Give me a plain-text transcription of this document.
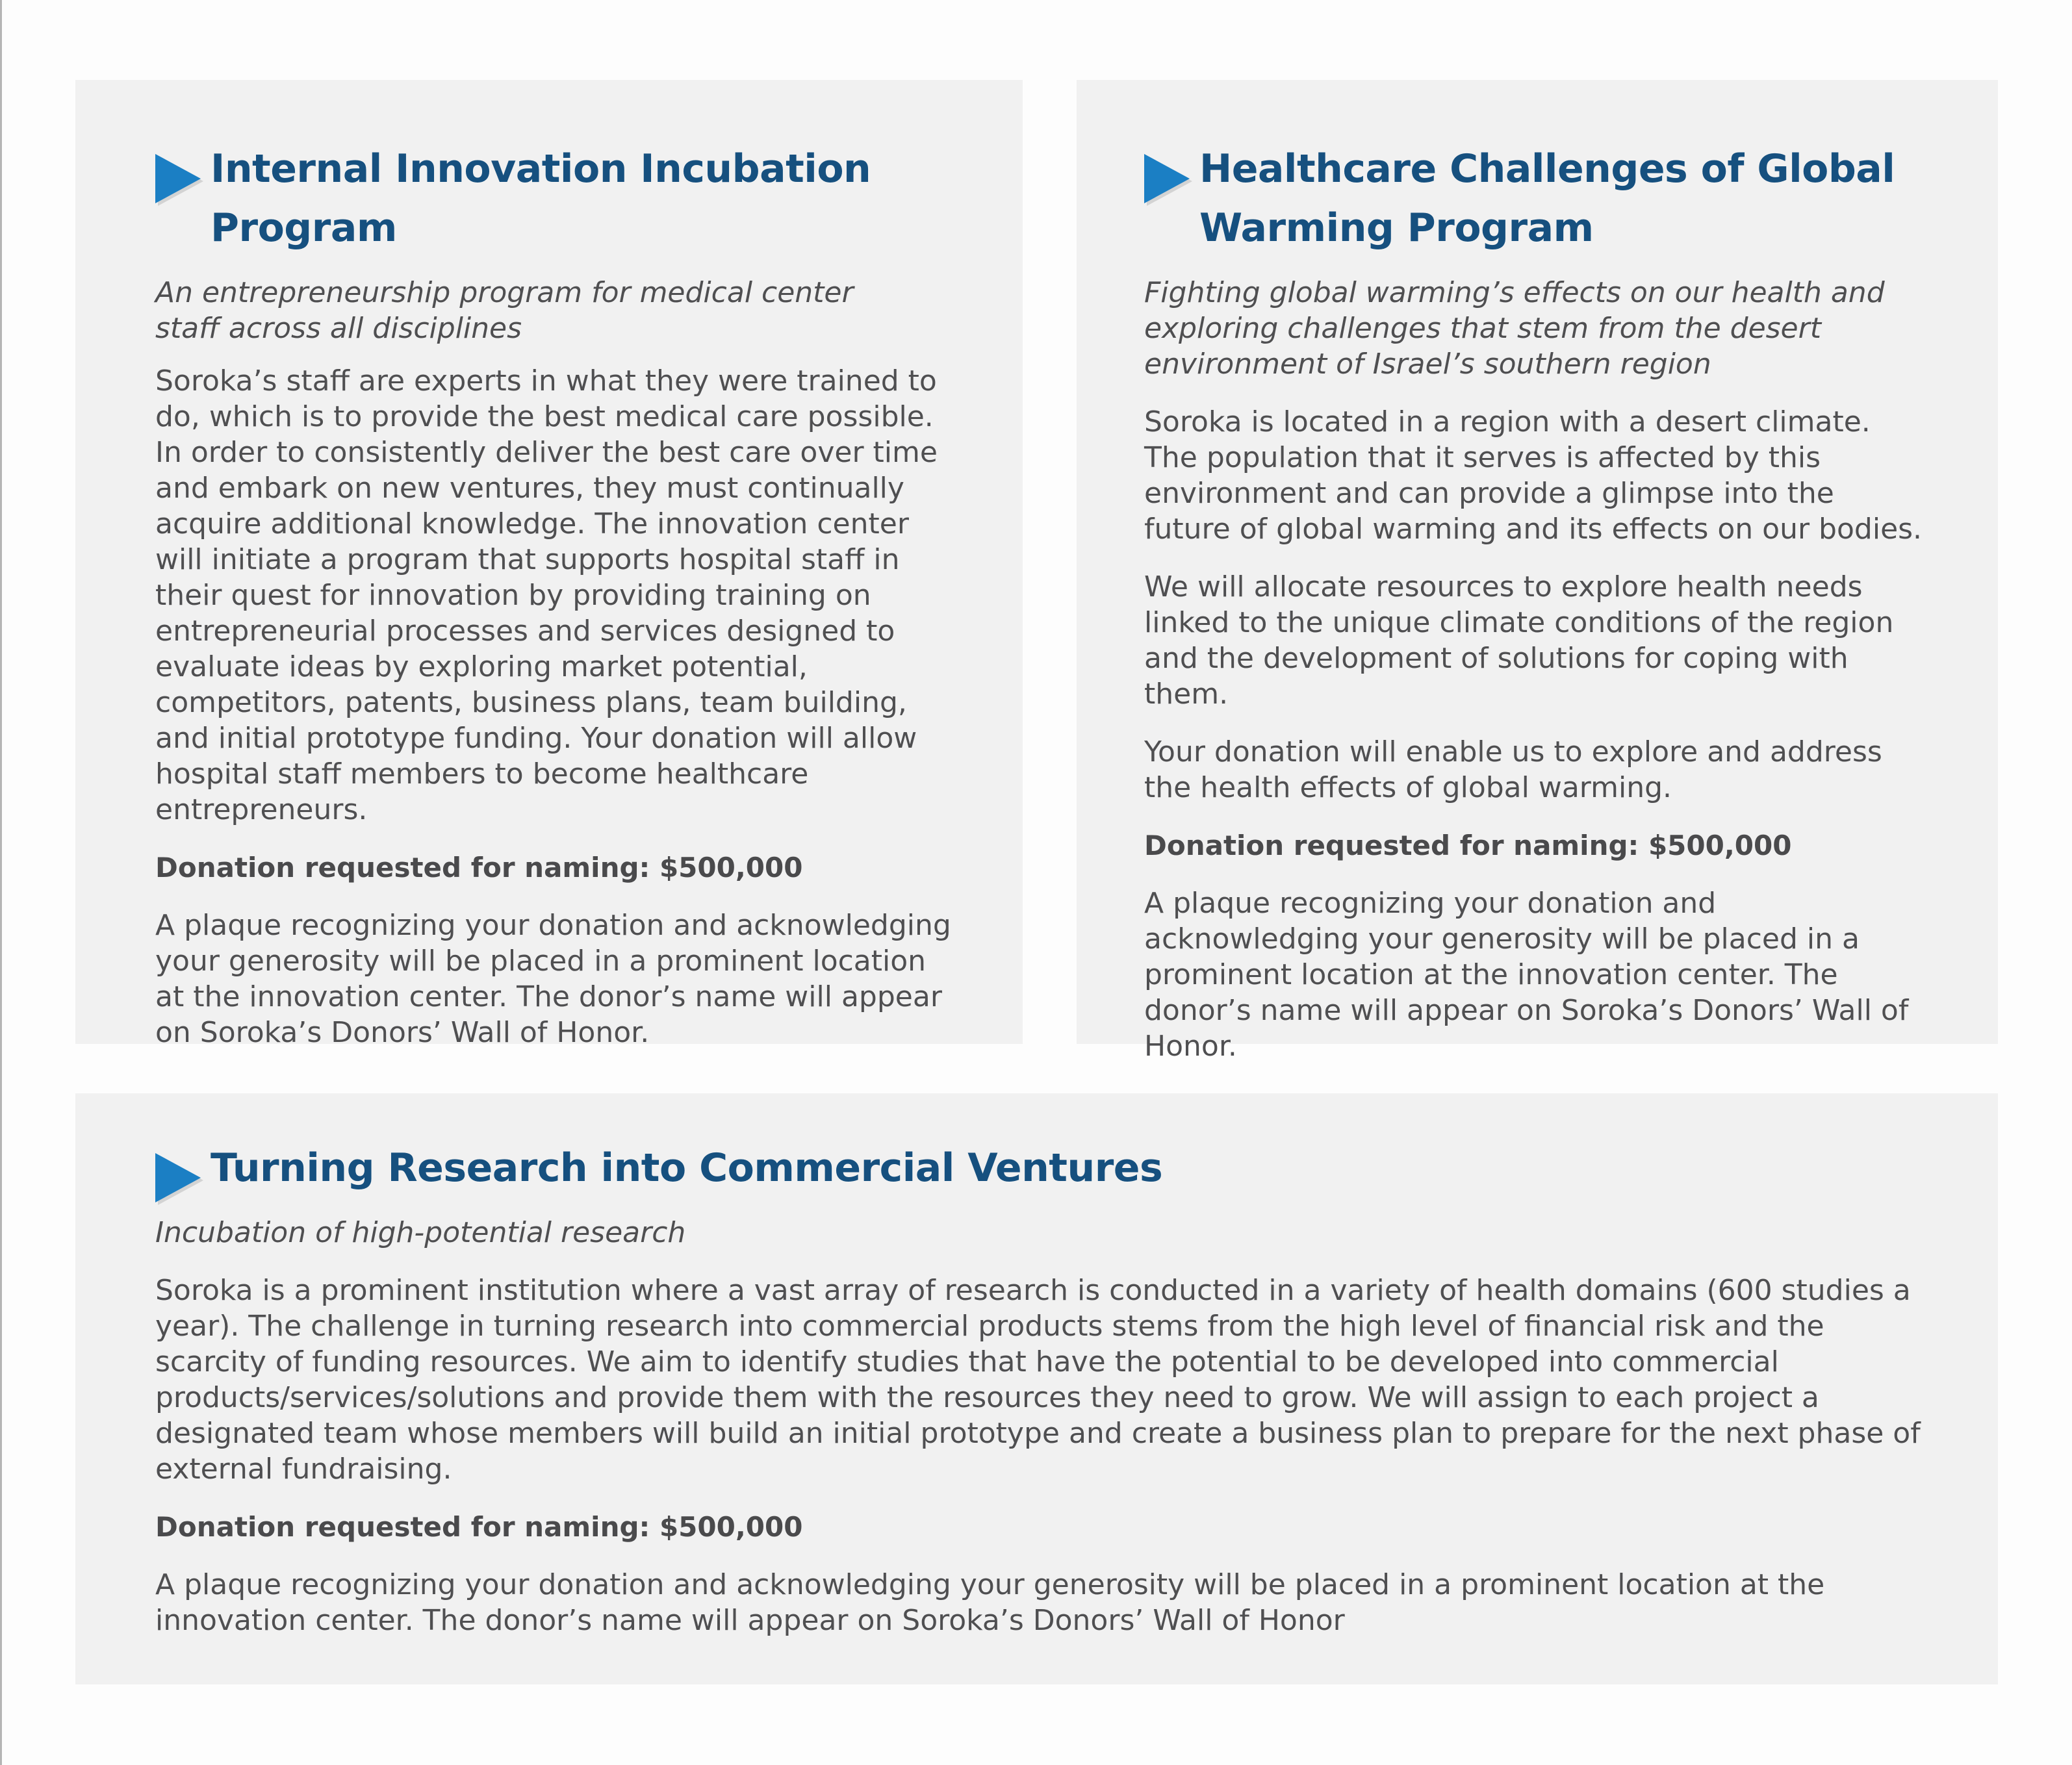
Internal Innovation Incubation Program

An entrepreneurship program for medical center staff across all disciplines

Soroka’s staff are experts in what they were trained to do, which is to provide the best medical care possible. In order to consistently deliver the best care over time and embark on new ventures, they must continually acquire additional knowledge. The innovation center will initiate a program that supports hospital staff in their quest for innovation by providing training on entrepreneurial processes and services designed to evaluate ideas by exploring market potential, competitors, patents, business plans, team building, and initial prototype funding. Your donation will allow hospital staff members to become healthcare entrepreneurs.

Donation requested for naming: $500,000

A plaque recognizing your donation and acknowledging your generosity will be placed in a prominent location at the innovation center. The donor’s name will appear on Soroka’s Donors’ Wall of Honor.

Healthcare Challenges of Global Warming Program

Fighting global warming’s effects on our health and exploring challenges that stem from the desert environment of Israel’s southern region

Soroka is located in a region with a desert climate. The population that it serves is affected by this environment and can provide a glimpse into the future of global warming and its effects on our bodies.

We will allocate resources to explore health needs linked to the unique climate conditions of the region and the development of solutions for coping with them.

Your donation will enable us to explore and address the health effects of global warming.

Donation requested for naming: $500,000

A plaque recognizing your donation and acknowledging your generosity will be placed in a prominent location at the innovation center. The donor’s name will appear on Soroka’s Donors’ Wall of Honor.

Turning Research into Commercial Ventures

Incubation of high-potential research

Soroka is a prominent institution where a vast array of research is conducted in a variety of health domains (600 studies a year). The challenge in turning research into commercial products stems from the high level of financial risk and the scarcity of funding resources. We aim to identify studies that have the potential to be developed into commercial products/services/solutions and provide them with the resources they need to grow. We will assign to each project a designated team whose members will build an initial prototype and create a business plan to prepare for the next phase of external fundraising.

Donation requested for naming: $500,000

A plaque recognizing your donation and acknowledging your generosity will be placed in a prominent location at the innovation center. The donor’s name will appear on Soroka’s Donors’ Wall of Honor
